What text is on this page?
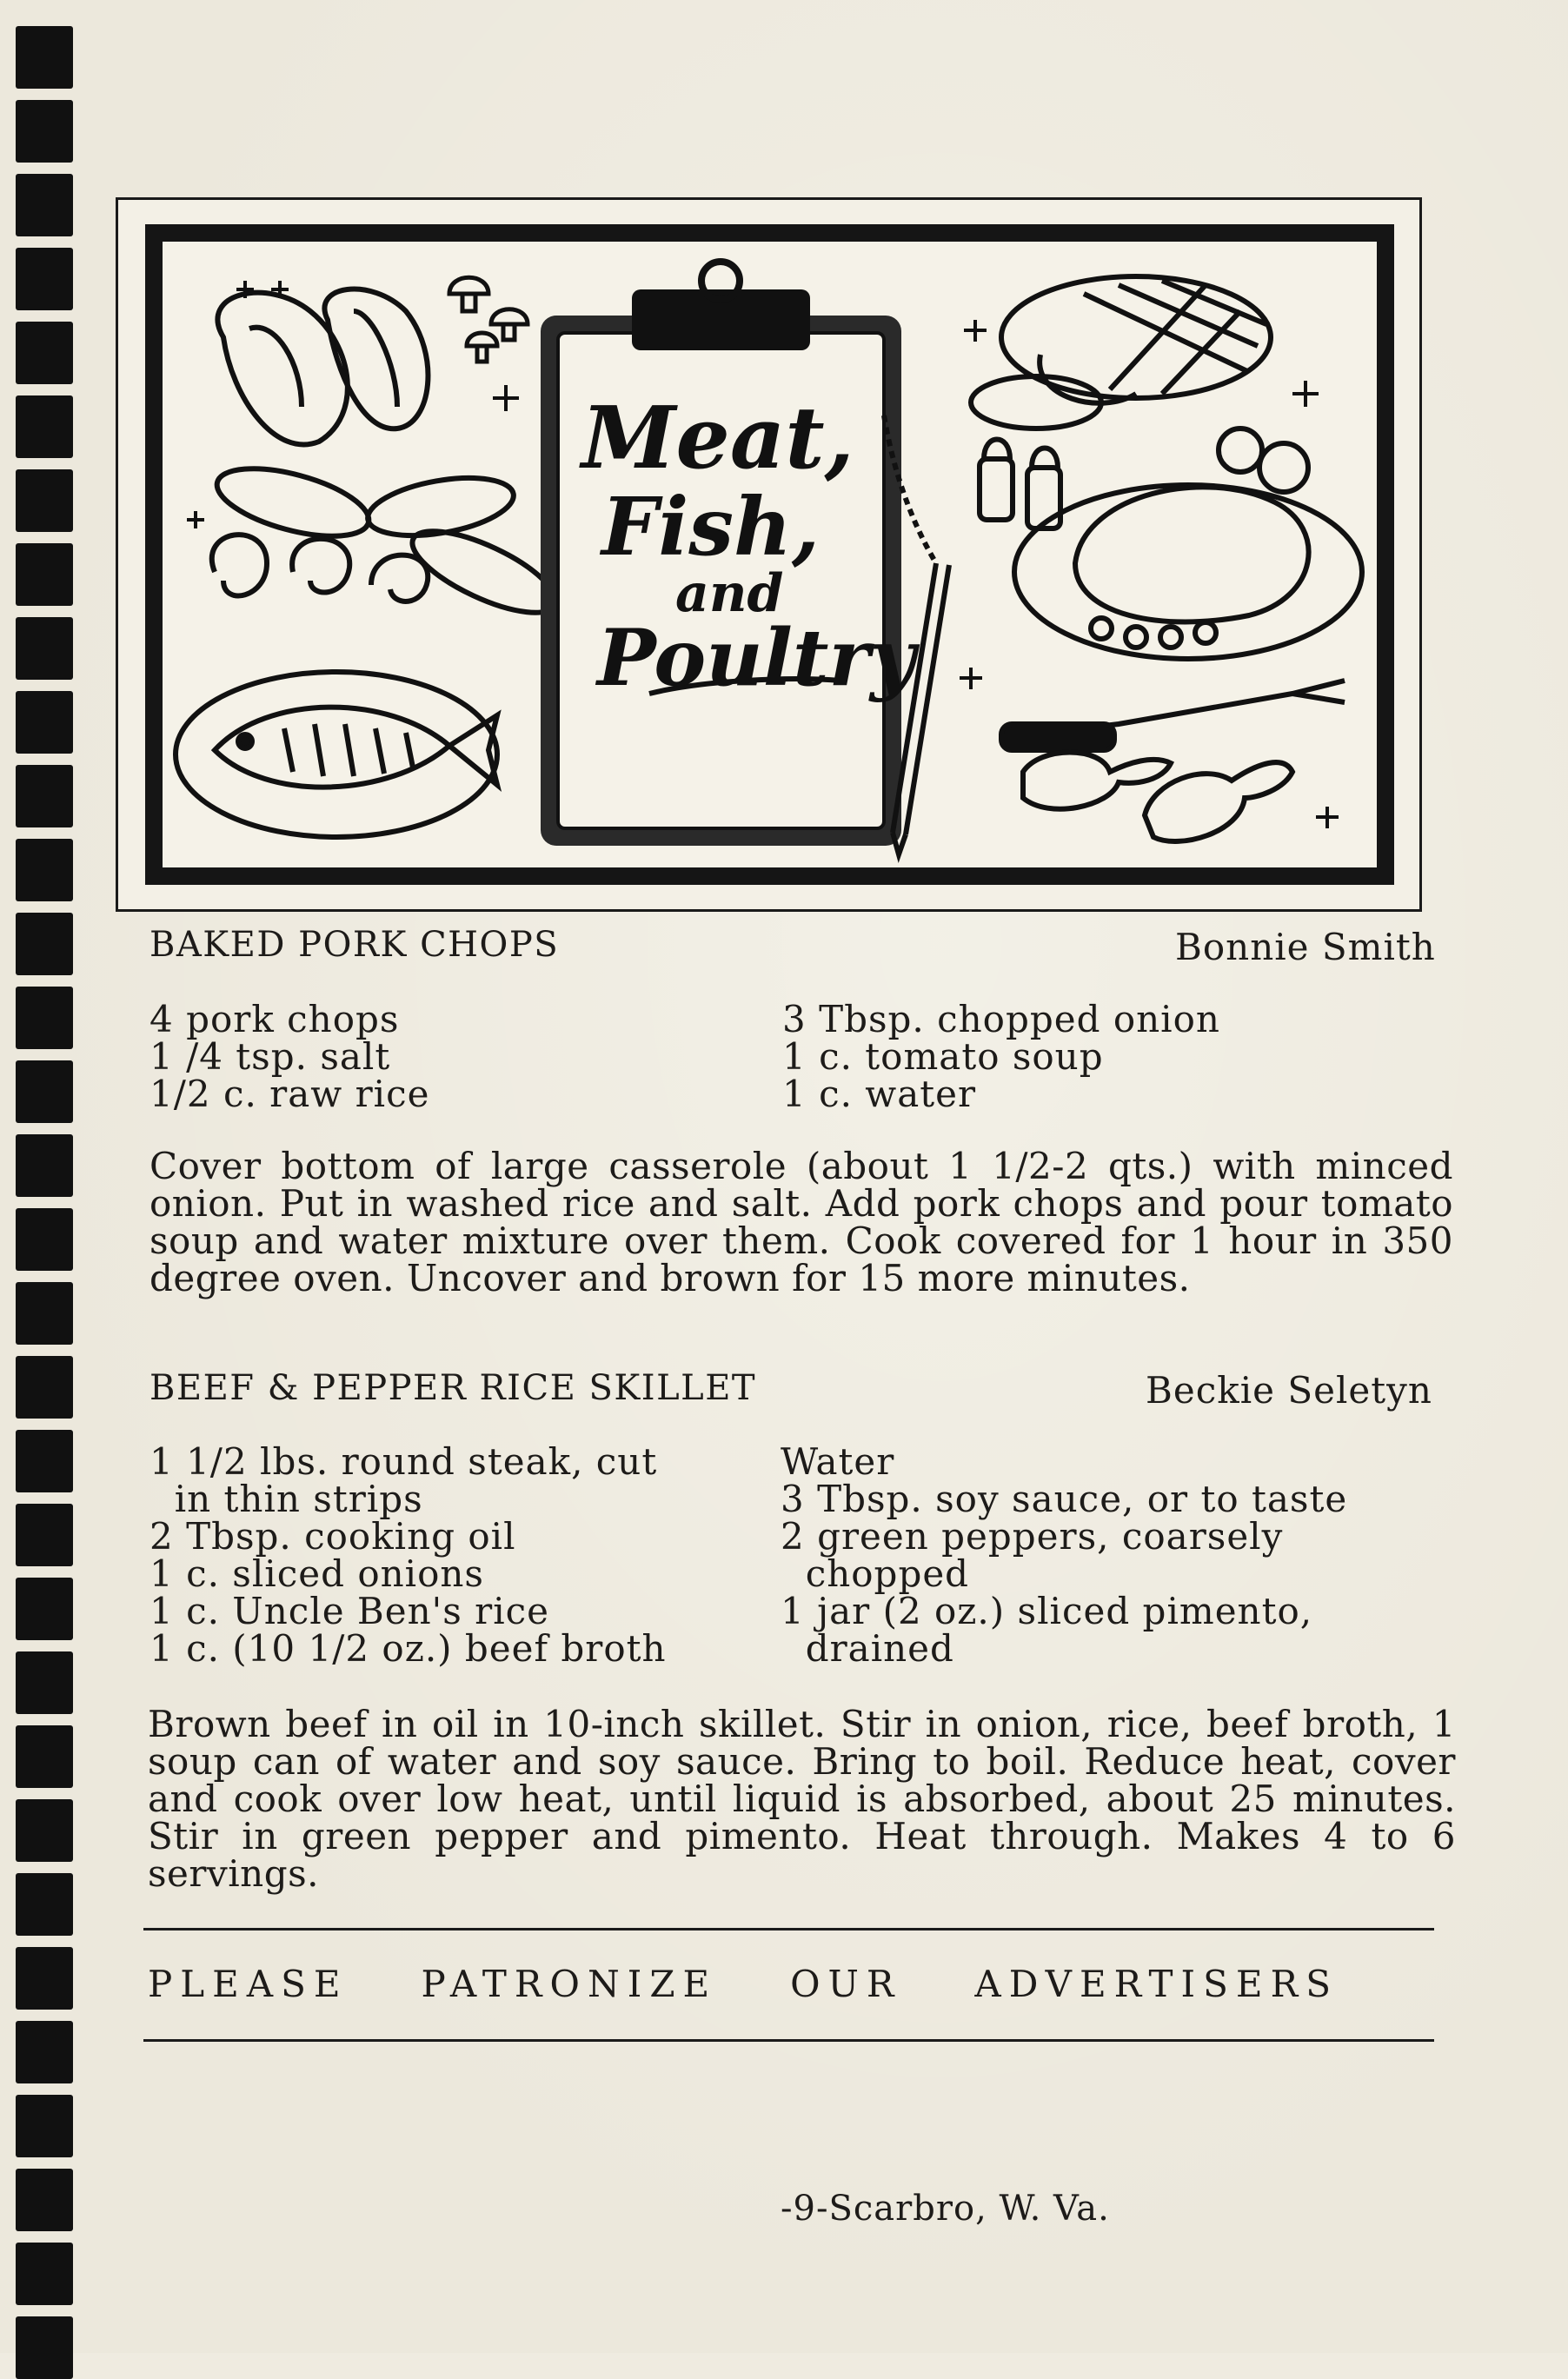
Meat,
Fish,
and
Poultry
BAKED PORK CHOPS	Bonnie Smith
4 pork chops
1 /4 tsp. salt
1/2 c. raw rice
3 Tbsp. chopped onion
1 c. tomato soup
1 c. water
Cover bottom of large casserole (about 1 1/2-2 qts.) with minced onion. Put in washed rice and salt. Add pork chops and pour tomato soup and water mixture over them. Cook covered for 1 hour in 350 degree oven. Uncover and brown for 15 more minutes.
BEEF & PEPPER RICE SKILLET	Beckie Seletyn
1 1/2 lbs. round steak, cut
in thin strips
2 Tbsp. cooking oil
1 c. sliced onions
1 c. Uncle Ben's rice
1 c. (10 1/2 oz.) beef broth
Water
3 Tbsp. soy sauce, or to taste
2 green peppers, coarsely
chopped
1 jar (2 oz.) sliced pimento,
drained
Brown beef in oil in 10-inch skillet. Stir in onion, rice, beef broth, 1 soup can of water and soy sauce. Bring to boil. Reduce heat, cover and cook over low heat, until liquid is absorbed, about 25 minutes. Stir in green pepper and pimento. Heat through. Makes 4 to 6 servings.
PLEASE PATRONIZE OUR ADVERTISERS
-9-Scarbro, W. Va.
